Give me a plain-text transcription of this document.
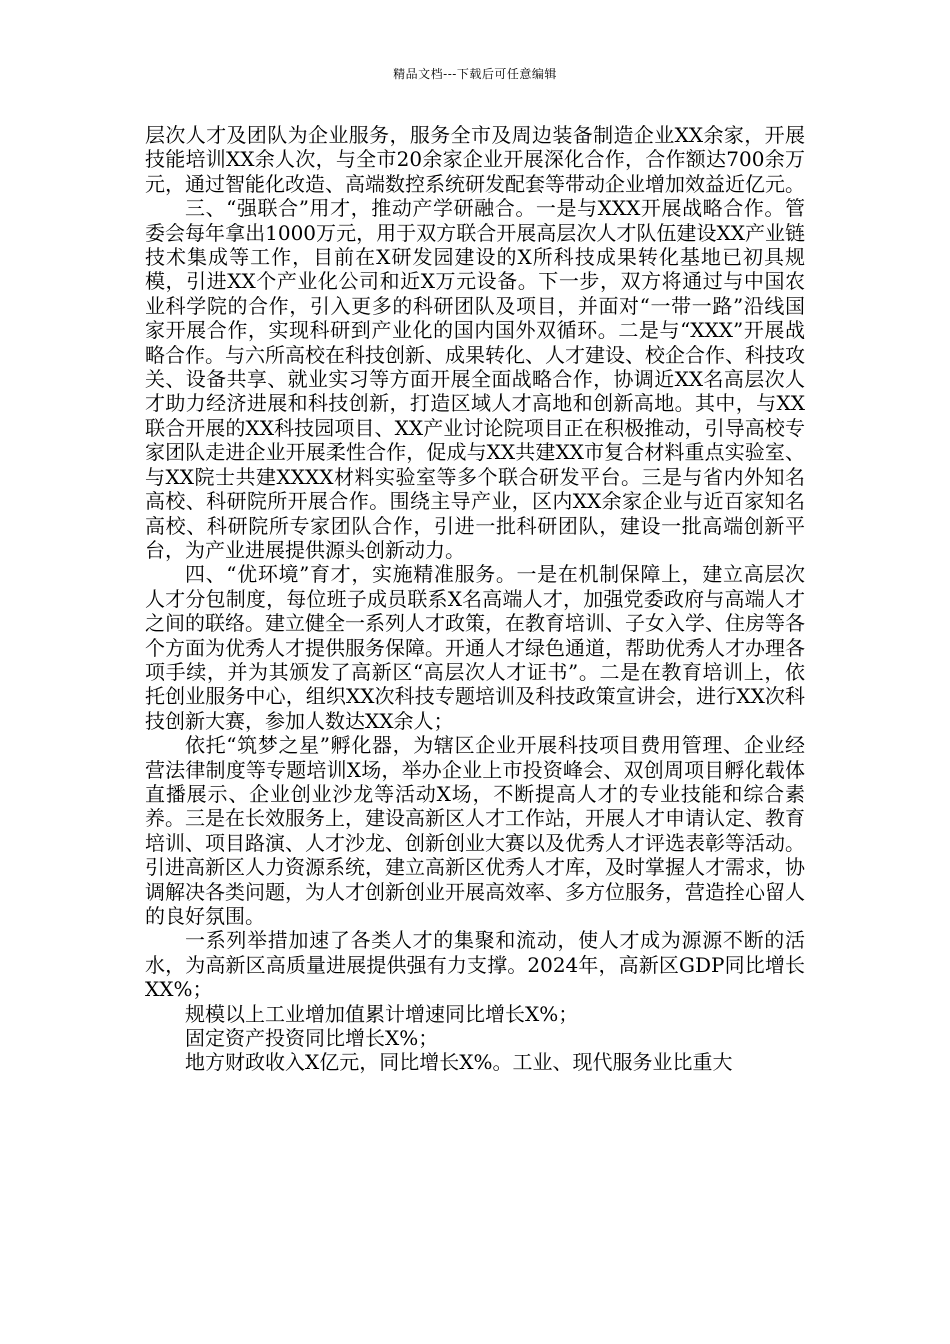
精品文档---下载后可任意编辑

层次人才及团队为企业服务，服务全市及周边装备制造企业XX余家，开展技能培训XX余人次，与全市20余家企业开展深化合作，合作额达700余万元，通过智能化改造、高端数控系统研发配套等带动企业增加效益近亿元。

三、“强联合”用才，推动产学研融合。一是与XXX开展战略合作。管委会每年拿出1000万元，用于双方联合开展高层次人才队伍建设XX产业链技术集成等工作，目前在X研发园建设的X所科技成果转化基地已初具规模，引进XX个产业化公司和近X万元设备。下一步，双方将通过与中国农业科学院的合作，引入更多的科研团队及项目，并面对“一带一路”沿线国家开展合作，实现科研到产业化的国内国外双循环。二是与“XXX”开展战略合作。与六所高校在科技创新、成果转化、人才建设、校企合作、科技攻关、设备共享、就业实习等方面开展全面战略合作，协调近XX名高层次人才助力经济进展和科技创新，打造区域人才高地和创新高地。其中，与XX联合开展的XX科技园项目、XX产业讨论院项目正在积极推动，引导高校专家团队走进企业开展柔性合作，促成与XX共建XX市复合材料重点实验室、与XX院士共建XXXX材料实验室等多个联合研发平台。三是与省内外知名高校、科研院所开展合作。围绕主导产业，区内XX余家企业与近百家知名高校、科研院所专家团队合作，引进一批科研团队，建设一批高端创新平台，为产业进展提供源头创新动力。

四、“优环境”育才，实施精准服务。一是在机制保障上，建立高层次人才分包制度，每位班子成员联系X名高端人才，加强党委政府与高端人才之间的联络。建立健全一系列人才政策，在教育培训、子女入学、住房等各个方面为优秀人才提供服务保障。开通人才绿色通道，帮助优秀人才办理各项手续，并为其颁发了高新区“高层次人才证书”。二是在教育培训上，依托创业服务中心，组织XX次科技专题培训及科技政策宣讲会，进行XX次科技创新大赛，参加人数达XX余人；

依托“筑梦之星”孵化器，为辖区企业开展科技项目费用管理、企业经营法律制度等专题培训X场，举办企业上市投资峰会、双创周项目孵化载体直播展示、企业创业沙龙等活动X场，不断提高人才的专业技能和综合素养。三是在长效服务上，建设高新区人才工作站，开展人才申请认定、教育培训、项目路演、人才沙龙、创新创业大赛以及优秀人才评选表彰等活动。引进高新区人力资源系统，建立高新区优秀人才库，及时掌握人才需求，协调解决各类问题，为人才创新创业开展高效率、多方位服务，营造拴心留人的良好氛围。

一系列举措加速了各类人才的集聚和流动，使人才成为源源不断的活水，为高新区高质量进展提供强有力支撑。2024年，高新区GDP同比增长XX%；

规模以上工业增加值累计增速同比增长X%；

固定资产投资同比增长X%；

地方财政收入X亿元，同比增长X%。工业、现代服务业比重大
